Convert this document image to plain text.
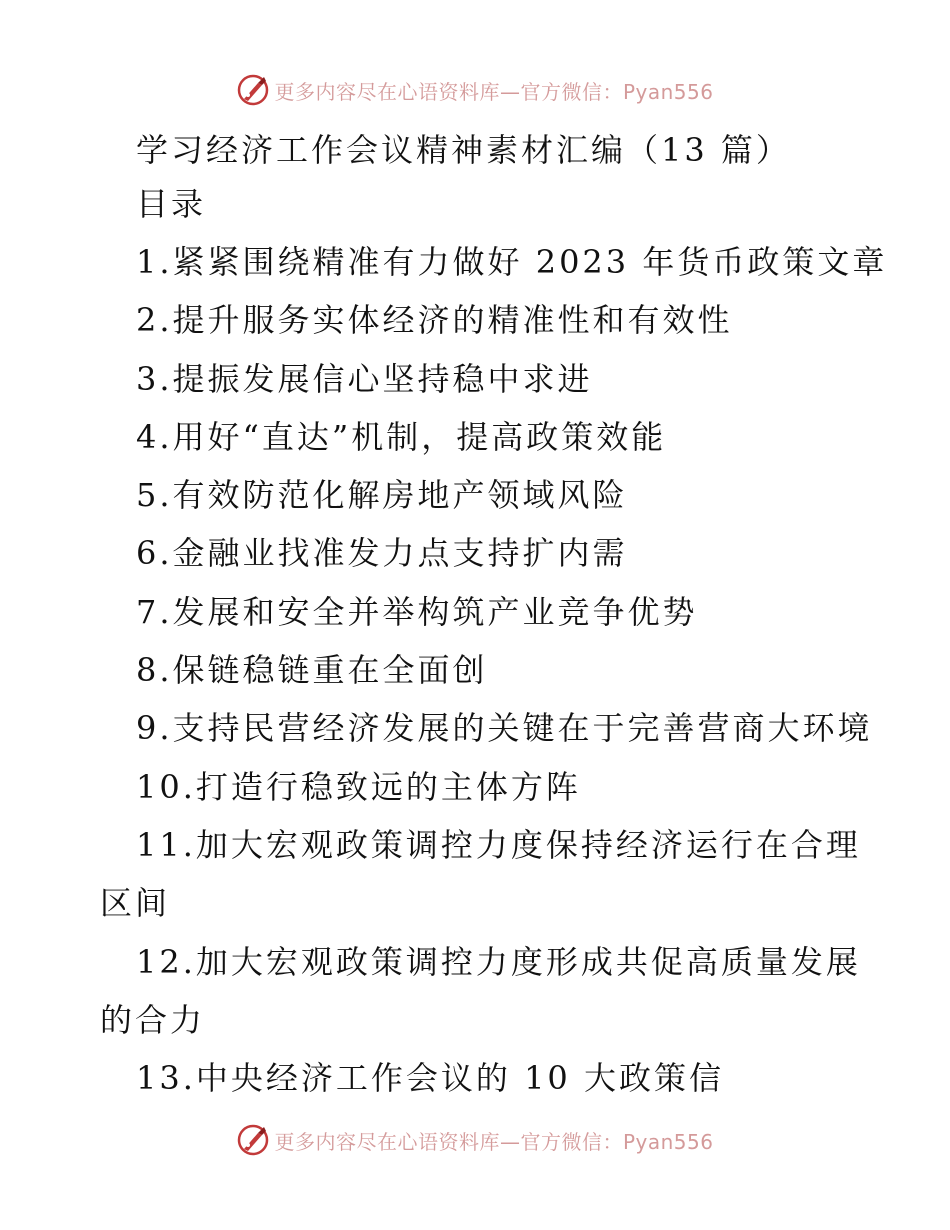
更多内容尽在心语资料库—官方微信：Pyan556
学习经济工作会议精神素材汇编（13 篇）
目录
1.紧紧围绕精准有力做好 2023 年货币政策文章
2.提升服务实体经济的精准性和有效性
3.提振发展信心坚持稳中求进
4.用好“直达”机制，提高政策效能
5.有效防范化解房地产领域风险
6.金融业找准发力点支持扩内需
7.发展和安全并举构筑产业竞争优势
8.保链稳链重在全面创
9.支持民营经济发展的关键在于完善营商大环境
10.打造行稳致远的主体方阵
11.加大宏观政策调控力度保持经济运行在合理
区间
12.加大宏观政策调控力度形成共促高质量发展
的合力
13.中央经济工作会议的 10 大政策信
更多内容尽在心语资料库—官方微信：Pyan556
